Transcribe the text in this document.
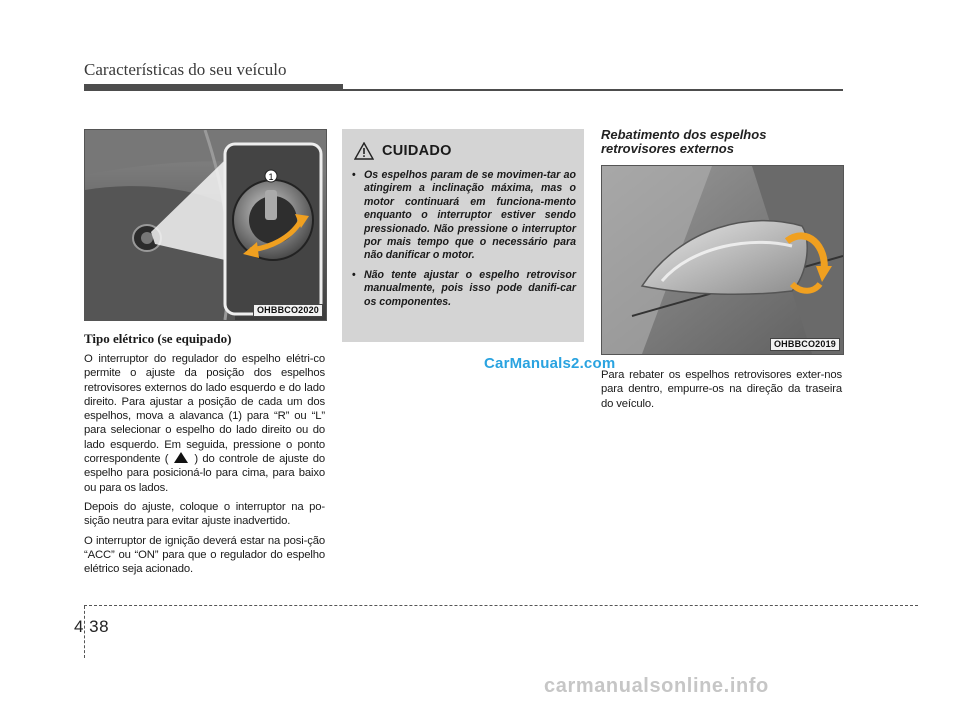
Características do seu veículo
1
OHBBCO2020
Tipo elétrico (se equipado)

O interruptor do regulador do espelho elétri-co permite o ajuste da posição dos espelhos retrovisores externos do lado esquerdo e do lado direito. Para ajustar a posição de cada um dos espelhos, mova a alavanca (1) para “R” ou “L” para selecionar o espelho do lado direito ou do lado esquerdo. Em seguida, pressione o ponto correspondente ( ) do controle de ajuste do espelho para posicioná-lo para cima, para baixo ou para os lados.

Depois do ajuste, coloque o interruptor na po-sição neutra para evitar ajuste inadvertido.

O interruptor de ignição deverá estar na posi-ção “ACC” ou “ON” para que o regulador do espelho elétrico seja acionado.

CUIDADO
• Os espelhos param de se movimen-tar ao atingirem a inclinação máxima, mas o motor continuará em funciona-mento enquanto o interruptor estiver sendo pressionado. Não pressione o interruptor por mais tempo que o necessário para não danificar o motor.
• Não tente ajustar o espelho retrovisor manualmente, pois isso pode danifi-car os componentes.
Rebatimento dos espelhos retrovisores externos
OHBBCO2019
Para rebater os espelhos retrovisores exter-nos para dentro, empurre-os na direção da traseira do veículo.
CarManuals2.com
4 38
carmanualsonline.info
